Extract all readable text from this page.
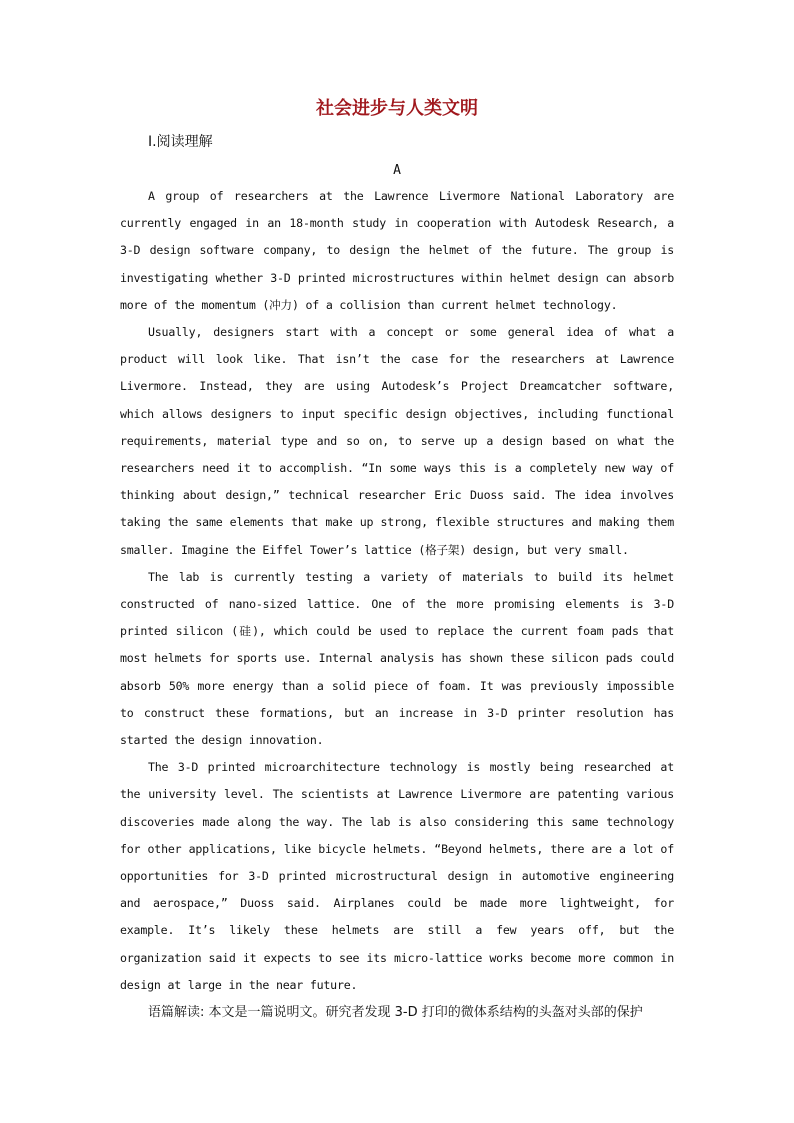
社会进步与人类文明
Ⅰ.阅读理解
A

A group of researchers at the Lawrence Livermore National Laboratory are currently engaged in an 18-month study in cooperation with Autodesk Research, a 3-D design software company, to design the helmet of the future. The group is investigating whether 3-D printed microstructures within helmet design can absorb more of the momentum (冲力) of a collision than current helmet technology.

Usually, designers start with a concept or some general idea of what a product will look like. That isn’t the case for the researchers at Lawrence Livermore. Instead, they are using Autodesk’s Project Dreamcatcher software, which allows designers to input specific design objectives, including functional requirements, material type and so on, to serve up a design based on what the researchers need it to accomplish. “In some ways this is a completely new way of thinking about design,” technical researcher Eric Duoss said. The idea involves taking the same elements that make up strong, flexible structures and making them smaller. Imagine the Eiffel Tower’s lattice (格子架) design, but very small.

The lab is currently testing a variety of materials to build its helmet constructed of nano-sized lattice. One of the more promising elements is 3-D printed silicon (硅), which could be used to replace the current foam pads that most helmets for sports use. Internal analysis has shown these silicon pads could absorb 50% more energy than a solid piece of foam. It was previously impossible to construct these formations, but an increase in 3-D printer resolution has started the design innovation.

The 3-D printed microarchitecture technology is mostly being researched at the university level. The scientists at Lawrence Livermore are patenting various discoveries made along the way. The lab is also considering this same technology for other applications, like bicycle helmets. “Beyond helmets, there are a lot of opportunities for 3-D printed microstructural design in automotive engineering and aerospace,” Duoss said. Airplanes could be made more lightweight, for example. It’s likely these helmets are still a few years off, but the organization said it expects to see its micro-lattice works become more common in design at large in the near future.

语篇解读: 本文是一篇说明文。研究者发现 3-D 打印的微体系结构的头盔对头部的保护
